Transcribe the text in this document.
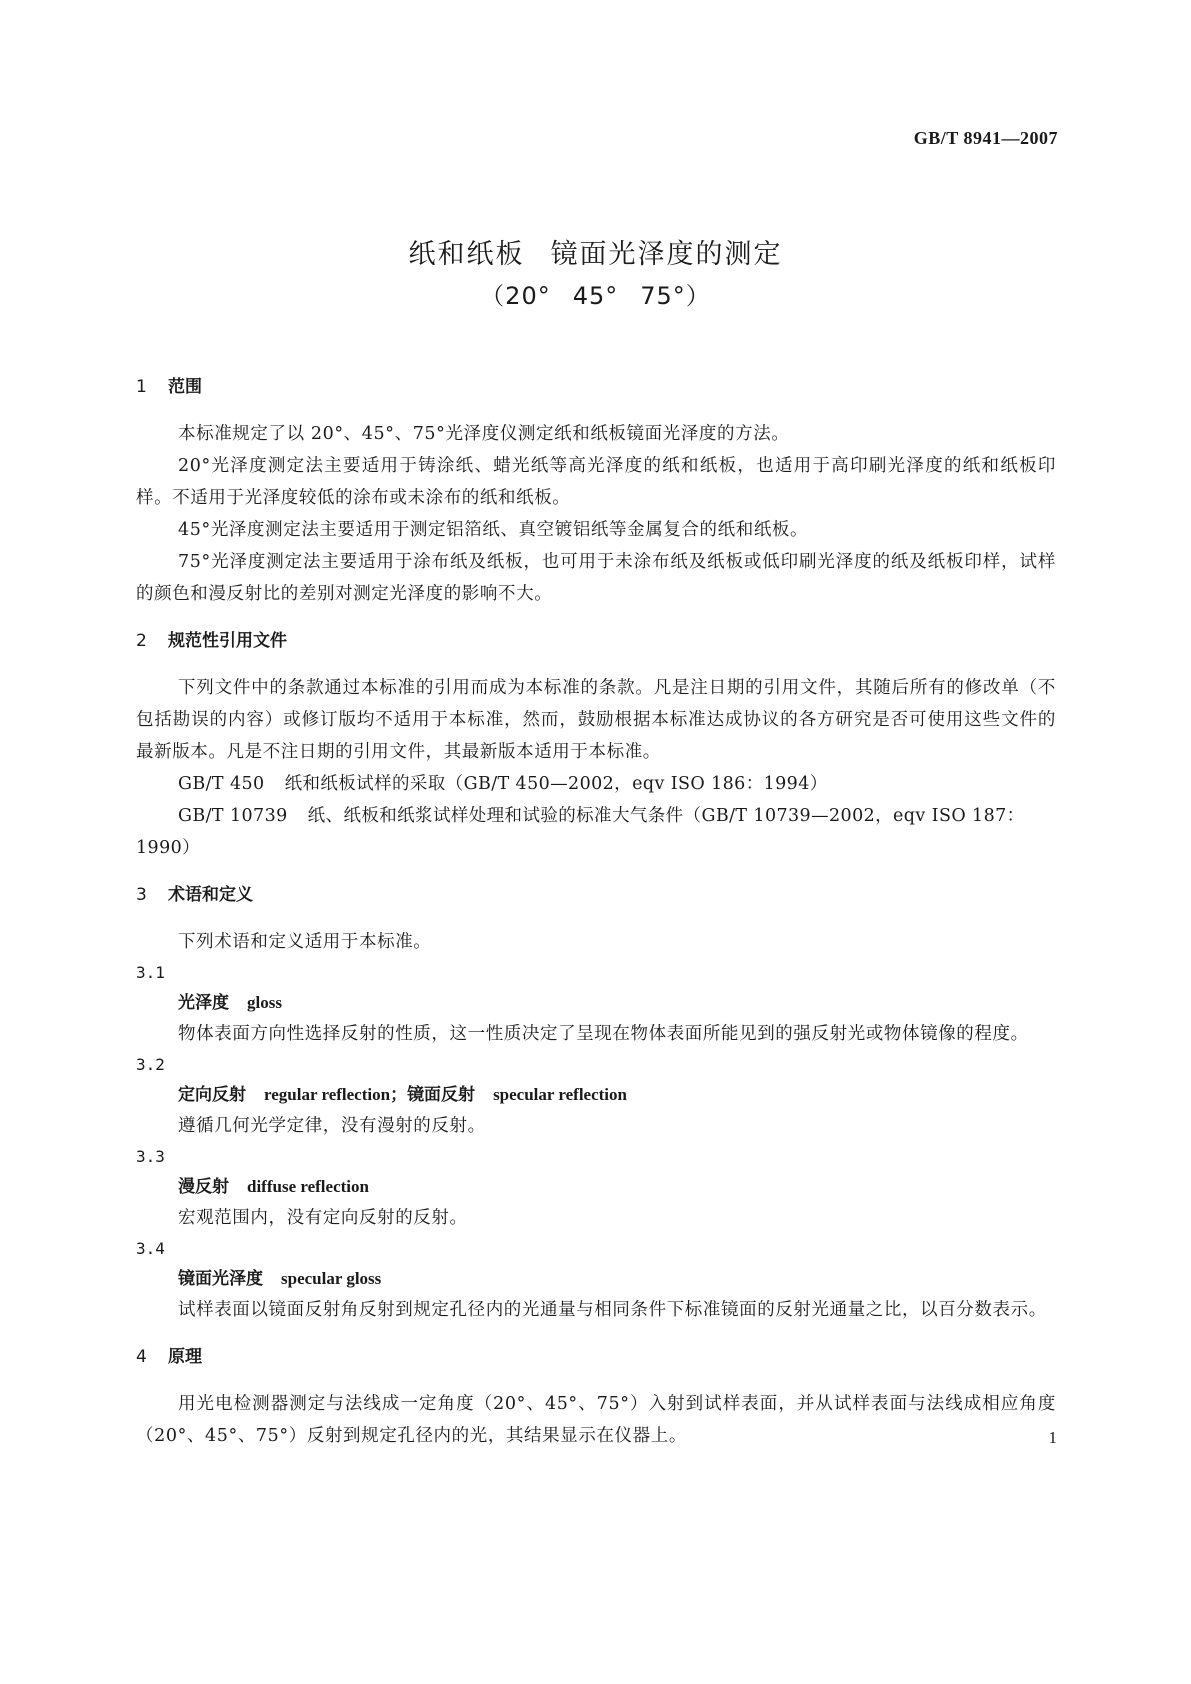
GB/T 8941—2007
纸和纸板 镜面光泽度的测定
（20° 45° 75°）
1 范围

本标准规定了以 20°、45°、75°光泽度仪测定纸和纸板镜面光泽度的方法。

20°光泽度测定法主要适用于铸涂纸、蜡光纸等高光泽度的纸和纸板，也适用于高印刷光泽度的纸和纸板印样。不适用于光泽度较低的涂布或未涂布的纸和纸板。

45°光泽度测定法主要适用于测定铝箔纸、真空镀铝纸等金属复合的纸和纸板。

75°光泽度测定法主要适用于涂布纸及纸板，也可用于未涂布纸及纸板或低印刷光泽度的纸及纸板印样，试样的颜色和漫反射比的差别对测定光泽度的影响不大。

2 规范性引用文件

下列文件中的条款通过本标准的引用而成为本标准的条款。凡是注日期的引用文件，其随后所有的修改单（不包括勘误的内容）或修订版均不适用于本标准，然而，鼓励根据本标准达成协议的各方研究是否可使用这些文件的最新版本。凡是不注日期的引用文件，其最新版本适用于本标准。

GB/T 450 纸和纸板试样的采取（GB/T 450—2002，eqv ISO 186：1994）

GB/T 10739 纸、纸板和纸浆试样处理和试验的标准大气条件（GB/T 10739—2002，eqv ISO 187：1990）

3 术语和定义

下列术语和定义适用于本标准。

3.1
光泽度 gloss

物体表面方向性选择反射的性质，这一性质决定了呈现在物体表面所能见到的强反射光或物体镜像的程度。

3.2
定向反射 regular reflection；镜面反射 specular reflection

遵循几何光学定律，没有漫射的反射。

3.3
漫反射 diffuse reflection

宏观范围内，没有定向反射的反射。

3.4
镜面光泽度 specular gloss

试样表面以镜面反射角反射到规定孔径内的光通量与相同条件下标准镜面的反射光通量之比，以百分数表示。

4 原理

用光电检测器测定与法线成一定角度（20°、45°、75°）入射到试样表面，并从试样表面与法线成相应角度（20°、45°、75°）反射到规定孔径内的光，其结果显示在仪器上。	1
